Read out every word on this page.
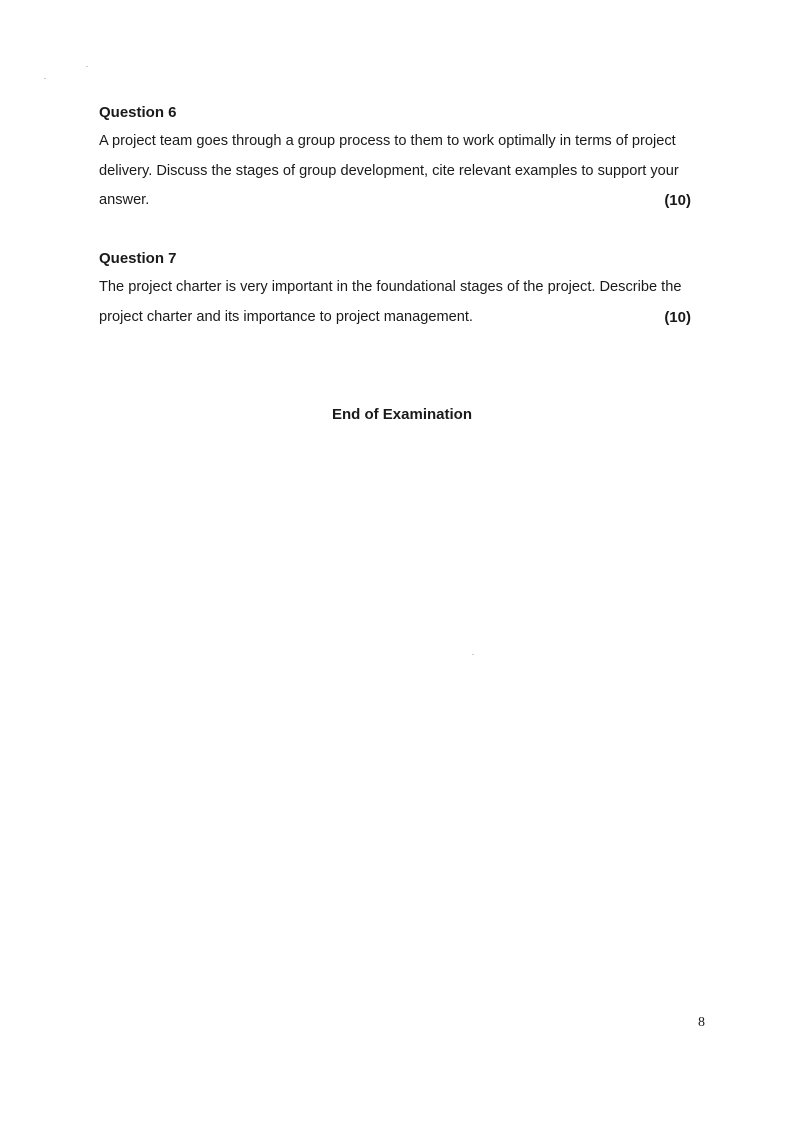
Question 6
A project team goes through a group process to them to work optimally in terms of project
delivery. Discuss the stages of group development, cite relevant examples to support your
answer.	(10)
Question 7
The project charter is very important in the foundational stages of the project. Describe the
project charter and its importance to project management.	(10)
End of Examination
8
